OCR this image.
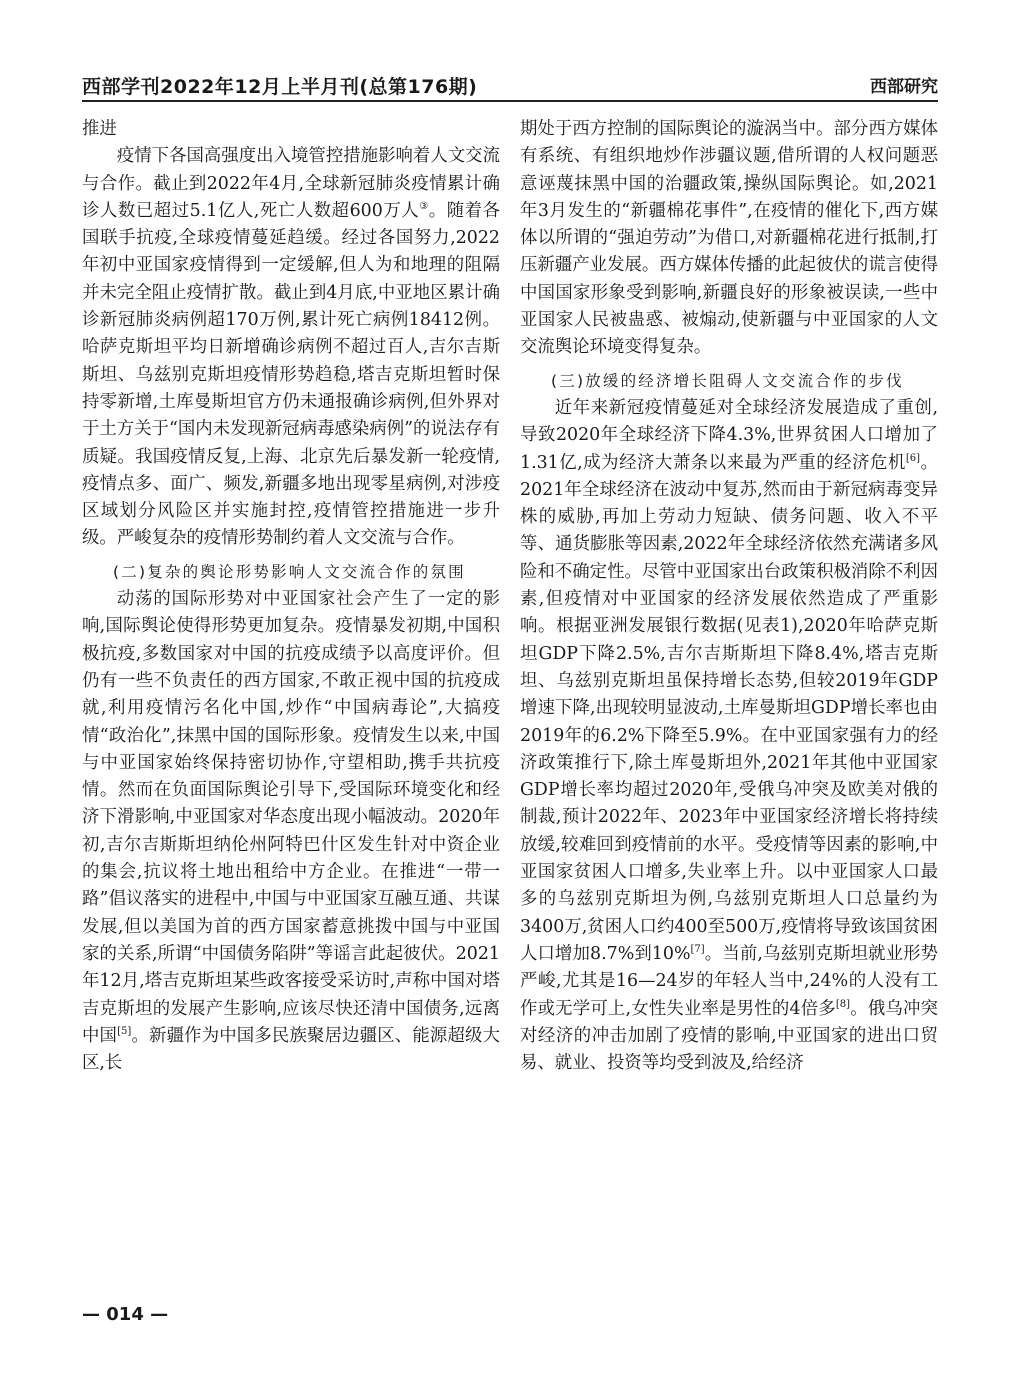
西部学刊2022年12月上半月刊(总第176期)	西部研究

推进

疫情下各国高强度出入境管控措施影响着人文交流与合作。截止到2022年4月,全球新冠肺炎疫情累计确诊人数已超过5.1亿人,死亡人数超600万人③。随着各国联手抗疫,全球疫情蔓延趋缓。经过各国努力,2022年初中亚国家疫情得到一定缓解,但人为和地理的阻隔并未完全阻止疫情扩散。截止到4月底,中亚地区累计确诊新冠肺炎病例超170万例,累计死亡病例18412例。哈萨克斯坦平均日新增确诊病例不超过百人,吉尔吉斯斯坦、乌兹别克斯坦疫情形势趋稳,塔吉克斯坦暂时保持零新增,土库曼斯坦官方仍未通报确诊病例,但外界对于土方关于“国内未发现新冠病毒感染病例”的说法存有质疑。我国疫情反复,上海、北京先后暴发新一轮疫情,疫情点多、面广、频发,新疆多地出现零星病例,对涉疫区域划分风险区并实施封控,疫情管控措施进一步升级。严峻复杂的疫情形势制约着人文交流与合作。

(二)复杂的舆论形势影响人文交流合作的氛围

动荡的国际形势对中亚国家社会产生了一定的影响,国际舆论使得形势更加复杂。疫情暴发初期,中国积极抗疫,多数国家对中国的抗疫成绩予以高度评价。但仍有一些不负责任的西方国家,不敢正视中国的抗疫成就,利用疫情污名化中国,炒作“中国病毒论”,大搞疫情“政治化”,抹黑中国的国际形象。疫情发生以来,中国与中亚国家始终保持密切协作,守望相助,携手共抗疫情。然而在负面国际舆论引导下,受国际环境变化和经济下滑影响,中亚国家对华态度出现小幅波动。2020年初,吉尔吉斯斯坦纳伦州阿特巴什区发生针对中资企业的集会,抗议将土地出租给中方企业。在推进“一带一路”倡议落实的进程中,中国与中亚国家互融互通、共谋发展,但以美国为首的西方国家蓄意挑拨中国与中亚国家的关系,所谓“中国债务陷阱”等谣言此起彼伏。2021年12月,塔吉克斯坦某些政客接受采访时,声称中国对塔吉克斯坦的发展产生影响,应该尽快还清中国债务,远离中国[5]。新疆作为中国多民族聚居边疆区、能源超级大区,长

期处于西方控制的国际舆论的漩涡当中。部分西方媒体有系统、有组织地炒作涉疆议题,借所谓的人权问题恶意诬蔑抹黑中国的治疆政策,操纵国际舆论。如,2021年3月发生的“新疆棉花事件”,在疫情的催化下,西方媒体以所谓的“强迫劳动”为借口,对新疆棉花进行抵制,打压新疆产业发展。西方媒体传播的此起彼伏的谎言使得中国国家形象受到影响,新疆良好的形象被误读,一些中亚国家人民被蛊惑、被煽动,使新疆与中亚国家的人文交流舆论环境变得复杂。

(三)放缓的经济增长阻碍人文交流合作的步伐

近年来新冠疫情蔓延对全球经济发展造成了重创,导致2020年全球经济下降4.3%,世界贫困人口增加了1.31亿,成为经济大萧条以来最为严重的经济危机[6]。2021年全球经济在波动中复苏,然而由于新冠病毒变异株的威胁,再加上劳动力短缺、债务问题、收入不平等、通货膨胀等因素,2022年全球经济依然充满诸多风险和不确定性。尽管中亚国家出台政策积极消除不利因素,但疫情对中亚国家的经济发展依然造成了严重影响。根据亚洲发展银行数据(见表1),2020年哈萨克斯坦GDP下降2.5%,吉尔吉斯斯坦下降8.4%,塔吉克斯坦、乌兹别克斯坦虽保持增长态势,但较2019年GDP增速下降,出现较明显波动,土库曼斯坦GDP增长率也由2019年的6.2%下降至5.9%。在中亚国家强有力的经济政策推行下,除土库曼斯坦外,2021年其他中亚国家GDP增长率均超过2020年,受俄乌冲突及欧美对俄的制裁,预计2022年、2023年中亚国家经济增长将持续放缓,较难回到疫情前的水平。受疫情等因素的影响,中亚国家贫困人口增多,失业率上升。以中亚国家人口最多的乌兹别克斯坦为例,乌兹别克斯坦人口总量约为3400万,贫困人口约400至500万,疫情将导致该国贫困人口增加8.7%到10%[7]。当前,乌兹别克斯坦就业形势严峻,尤其是16—24岁的年轻人当中,24%的人没有工作或无学可上,女性失业率是男性的4倍多[8]。俄乌冲突对经济的冲击加剧了疫情的影响,中亚国家的进出口贸易、就业、投资等均受到波及,给经济

— 014 —
